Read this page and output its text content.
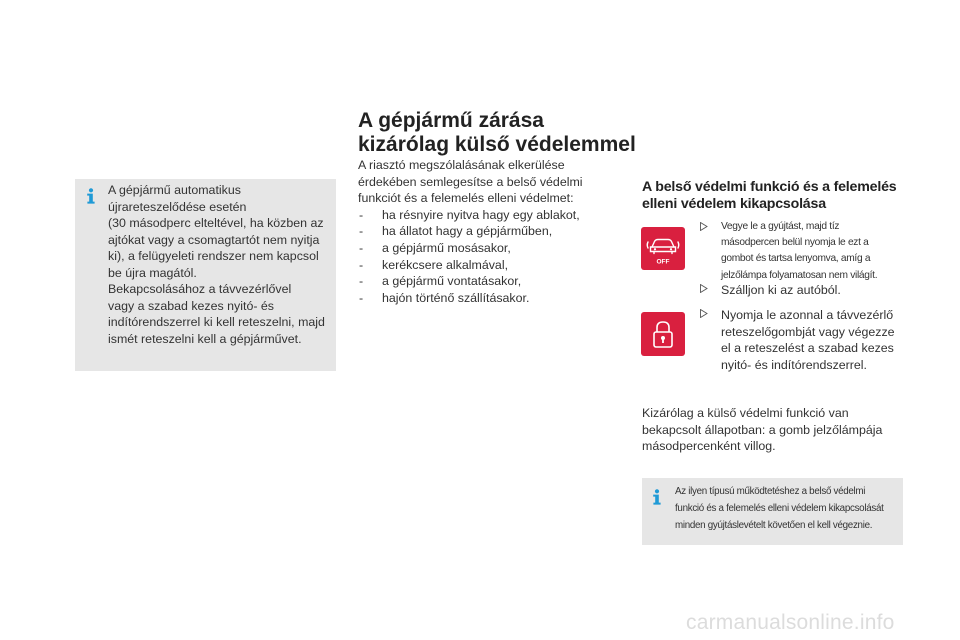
A gépjármű automatikus

újrareteszelődése esetén

(30 másodperc elteltével, ha közben az

ajtókat vagy a csomagtartót nem nyitja

ki), a felügyeleti rendszer nem kapcsol

be újra magától.

Bekapcsolásához a távvezérlővel

vagy a szabad kezes nyitó- és

indítórendszerrel ki kell reteszelni, majd

ismét reteszelni kell a gépjárművet.

A gépjármű zárása
kizárólag külső védelemmel

A riasztó megszólalásának elkerülése

érdekében semlegesítse a belső védelmi

funkciót és a felemelés elleni védelmet:

- ha résnyire nyitva hagy egy ablakot,
- ha állatot hagy a gépjárműben,
- a gépjármű mosásakor,
- kerékcsere alkalmával,
- a gépjármű vontatásakor,
- hajón történő szállításakor.
A belső védelmi funkció és a felemelés
elleni védelem kikapcsolása
OFF
Vegye le a gyújtást, majd tíz
másodpercen belül nyomja le ezt a
gombot és tartsa lenyomva, amíg a
jelzőlámpa folyamatosan nem világít.
Szálljon ki az autóból.
Nyomja le azonnal a távvezérlő
reteszelőgombját vagy végezze
el a reteszelést a szabad kezes
nyitó- és indítórendszerrel.
Kizárólag a külső védelmi funkció van
bekapcsolt állapotban: a gomb jelzőlámpája
másodpercenként villog.
Az ilyen típusú működtetéshez a belső védelmi
funkció és a felemelés elleni védelem kikapcsolását
minden gyújtáslevételt követően el kell végeznie.
carmanualsonline.info
